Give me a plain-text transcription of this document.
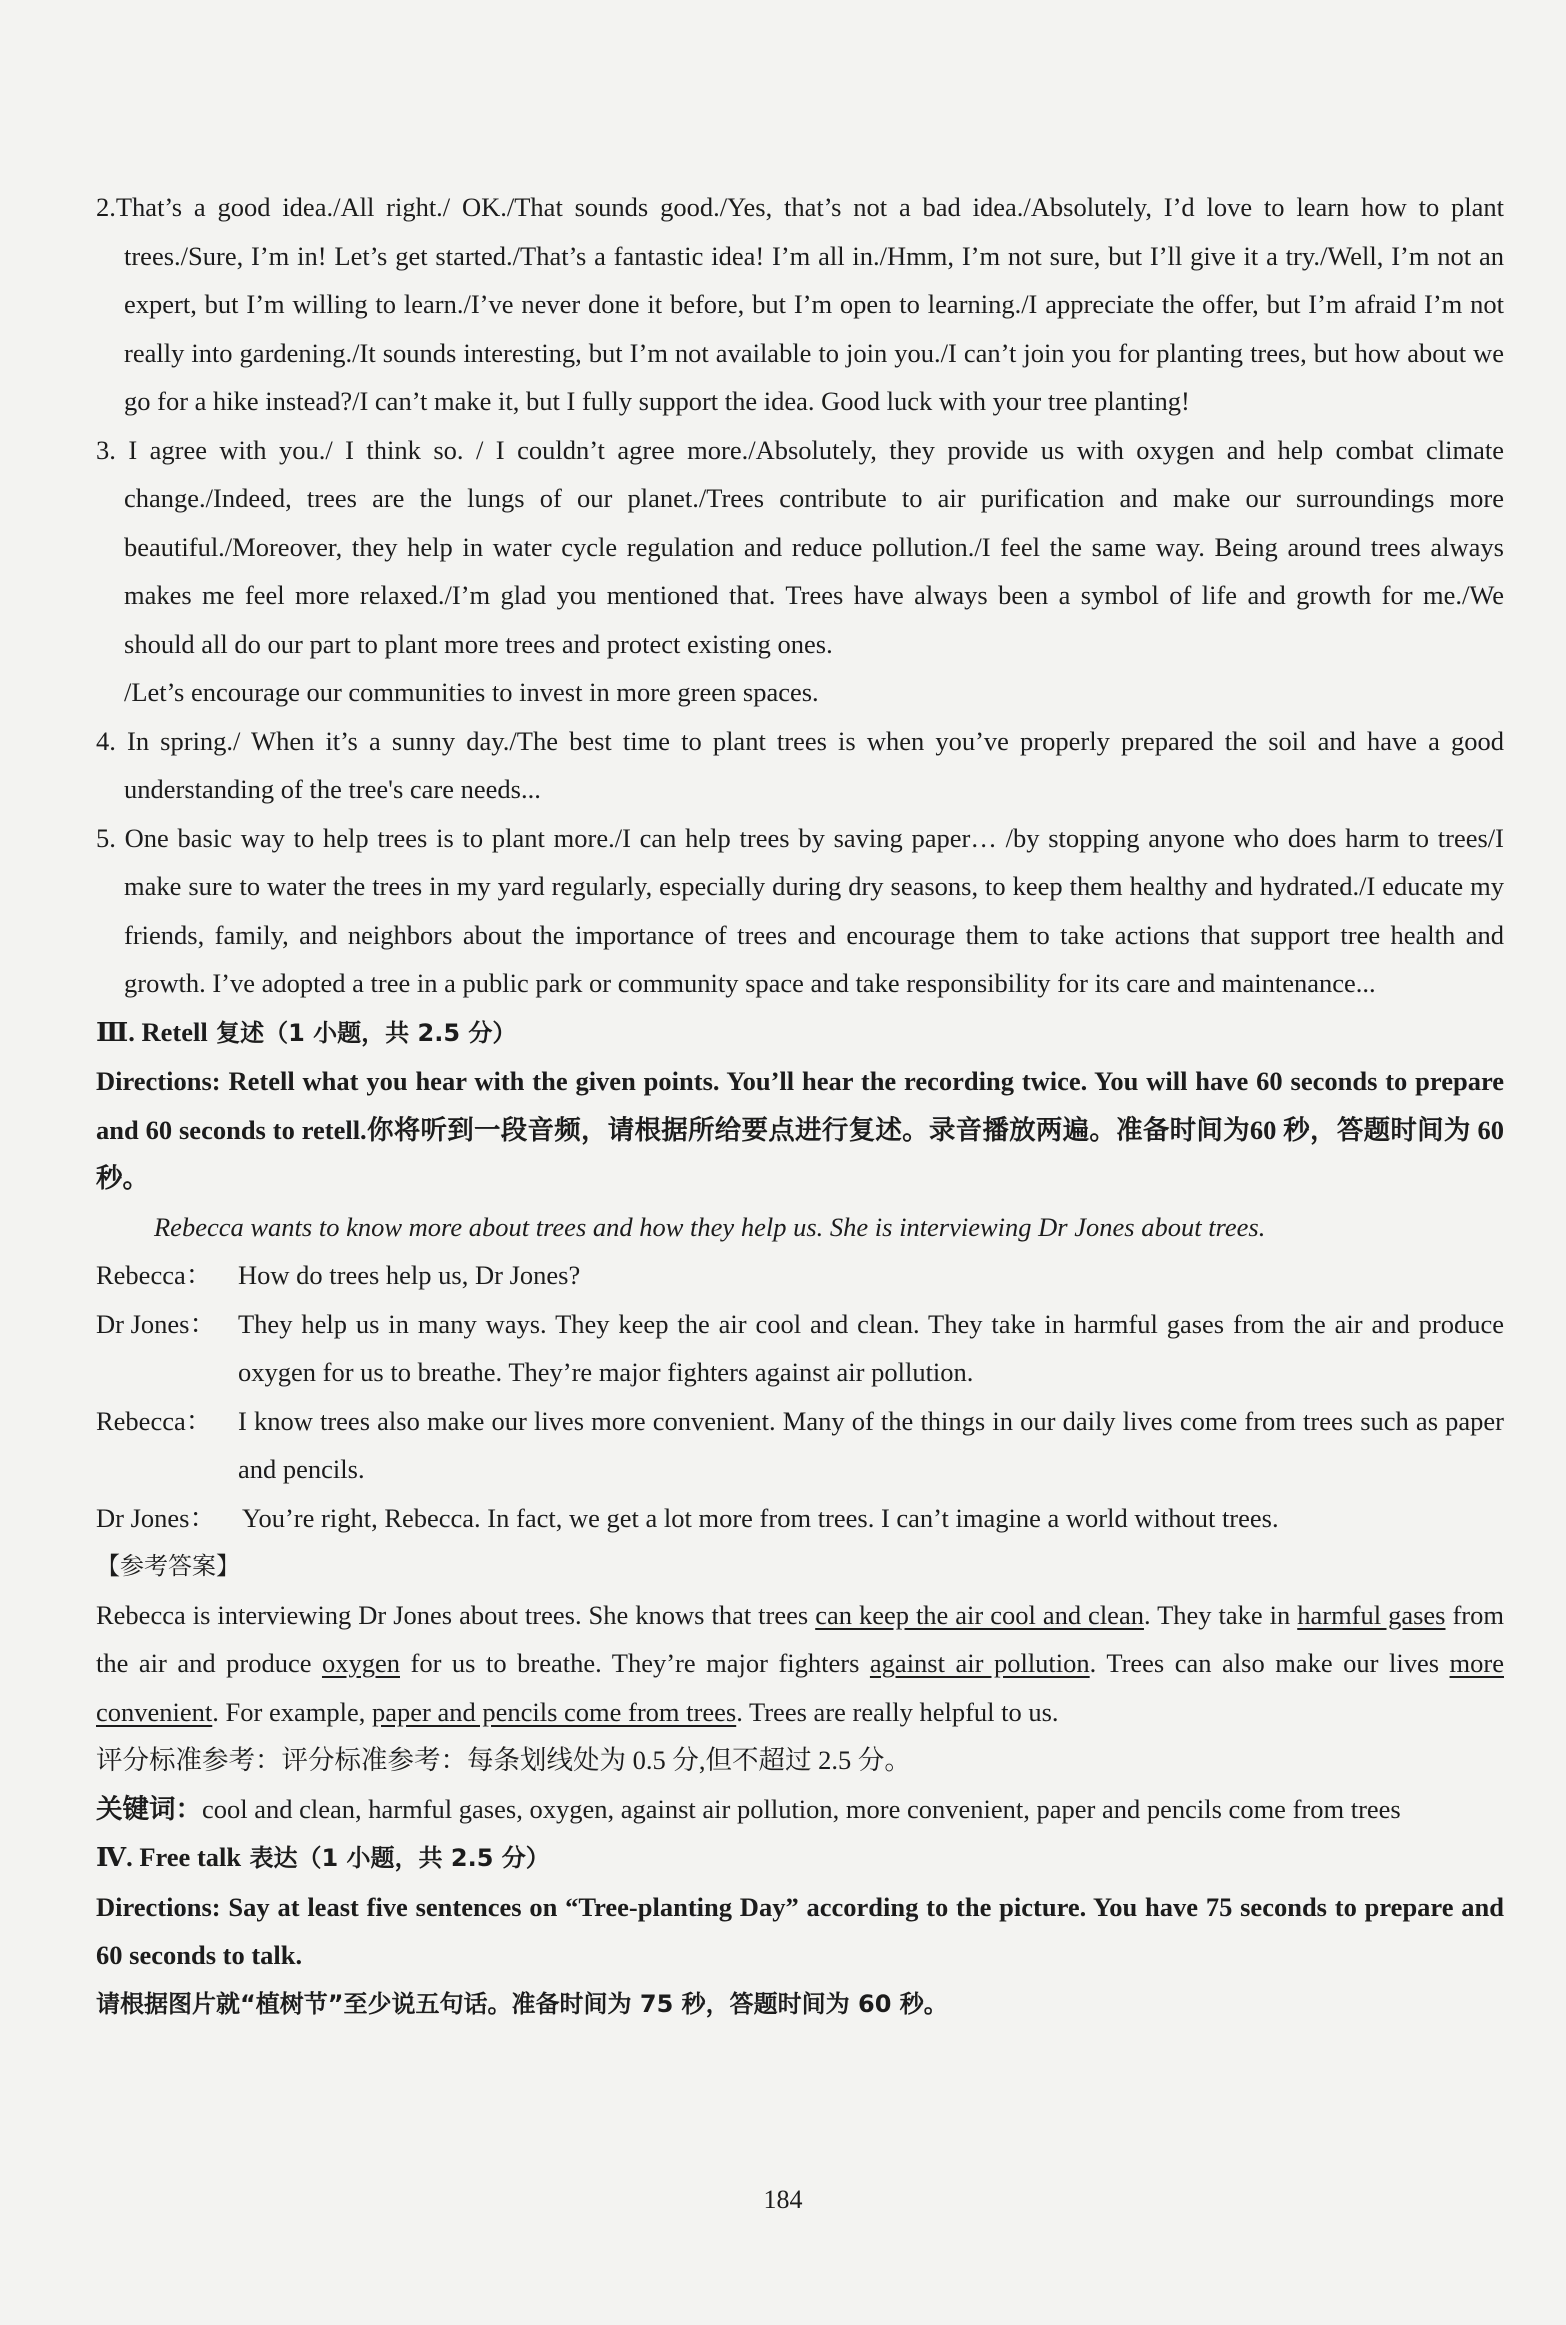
2.That’s a good idea./All right./ OK./That sounds good./Yes, that’s not a bad idea./Absolutely, I’d love to learn how to plant trees./Sure, I’m in! Let’s get started./That’s a fantastic idea! I’m all in./Hmm, I’m not sure, but I’ll give it a try./Well, I’m not an expert, but I’m willing to learn./I’ve never done it before, but I’m open to learning./I appreciate the offer, but I’m afraid I’m not really into gardening./It sounds interesting, but I’m not available to join you./I can’t join you for planting trees, but how about we go for a hike instead?/I can’t make it, but I fully support the idea. Good luck with your tree planting!

3. I agree with you./ I think so. / I couldn’t agree more./Absolutely, they provide us with oxygen and help combat climate change./Indeed, trees are the lungs of our planet./Trees contribute to air purification and make our surroundings more beautiful./Moreover, they help in water cycle regulation and reduce pollution./I feel the same way. Being around trees always makes me feel more relaxed./I’m glad you mentioned that. Trees have always been a symbol of life and growth for me./We should all do our part to plant more trees and protect existing ones.

/Let’s encourage our communities to invest in more green spaces.

4. In spring./ When it’s a sunny day./The best time to plant trees is when you’ve properly prepared the soil and have a good understanding of the tree's care needs...

5. One basic way to help trees is to plant more./I can help trees by saving paper… /by stopping anyone who does harm to trees/I make sure to water the trees in my yard regularly, especially during dry seasons, to keep them healthy and hydrated./I educate my friends, family, and neighbors about the importance of trees and encourage them to take actions that support tree health and growth. I’ve adopted a tree in a public park or community space and take responsibility for its care and maintenance...

Ⅲ. Retell 复述（1 小题，共 2.5 分）

Directions: Retell what you hear with the given points. You’ll hear the recording twice. You will have 60 seconds to prepare and 60 seconds to retell.你将听到一段音频，请根据所给要点进行复述。录音播放两遍。准备时间为60 秒，答题时间为 60 秒。

Rebecca wants to know more about trees and how they help us. She is interviewing Dr Jones about trees.

Rebecca： How do trees help us, Dr Jones?
Dr Jones： They help us in many ways. They keep the air cool and clean. They take in harmful gases from the air and produce oxygen for us to breathe. They’re major fighters against air pollution.
Rebecca： I know trees also make our lives more convenient. Many of the things in our daily lives come from trees such as paper and pencils.
Dr Jones： You’re right, Rebecca. In fact, we get a lot more from trees. I can’t imagine a world without trees.

【参考答案】

Rebecca is interviewing Dr Jones about trees. She knows that trees can keep the air cool and clean. They take in harmful gases from the air and produce oxygen for us to breathe. They’re major fighters against air pollution. Trees can also make our lives more convenient. For example, paper and pencils come from trees. Trees are really helpful to us.

评分标准参考：评分标准参考：每条划线处为 0.5 分,但不超过 2.5 分。

关键词： cool and clean, harmful gases, oxygen, against air pollution, more convenient, paper and pencils come from trees

Ⅳ. Free talk 表达（1 小题，共 2.5 分）

Directions: Say at least five sentences on “Tree-planting Day” according to the picture. You have 75 seconds to prepare and 60 seconds to talk.

请根据图片就“植树节”至少说五句话。准备时间为 75 秒，答题时间为 60 秒。

184
